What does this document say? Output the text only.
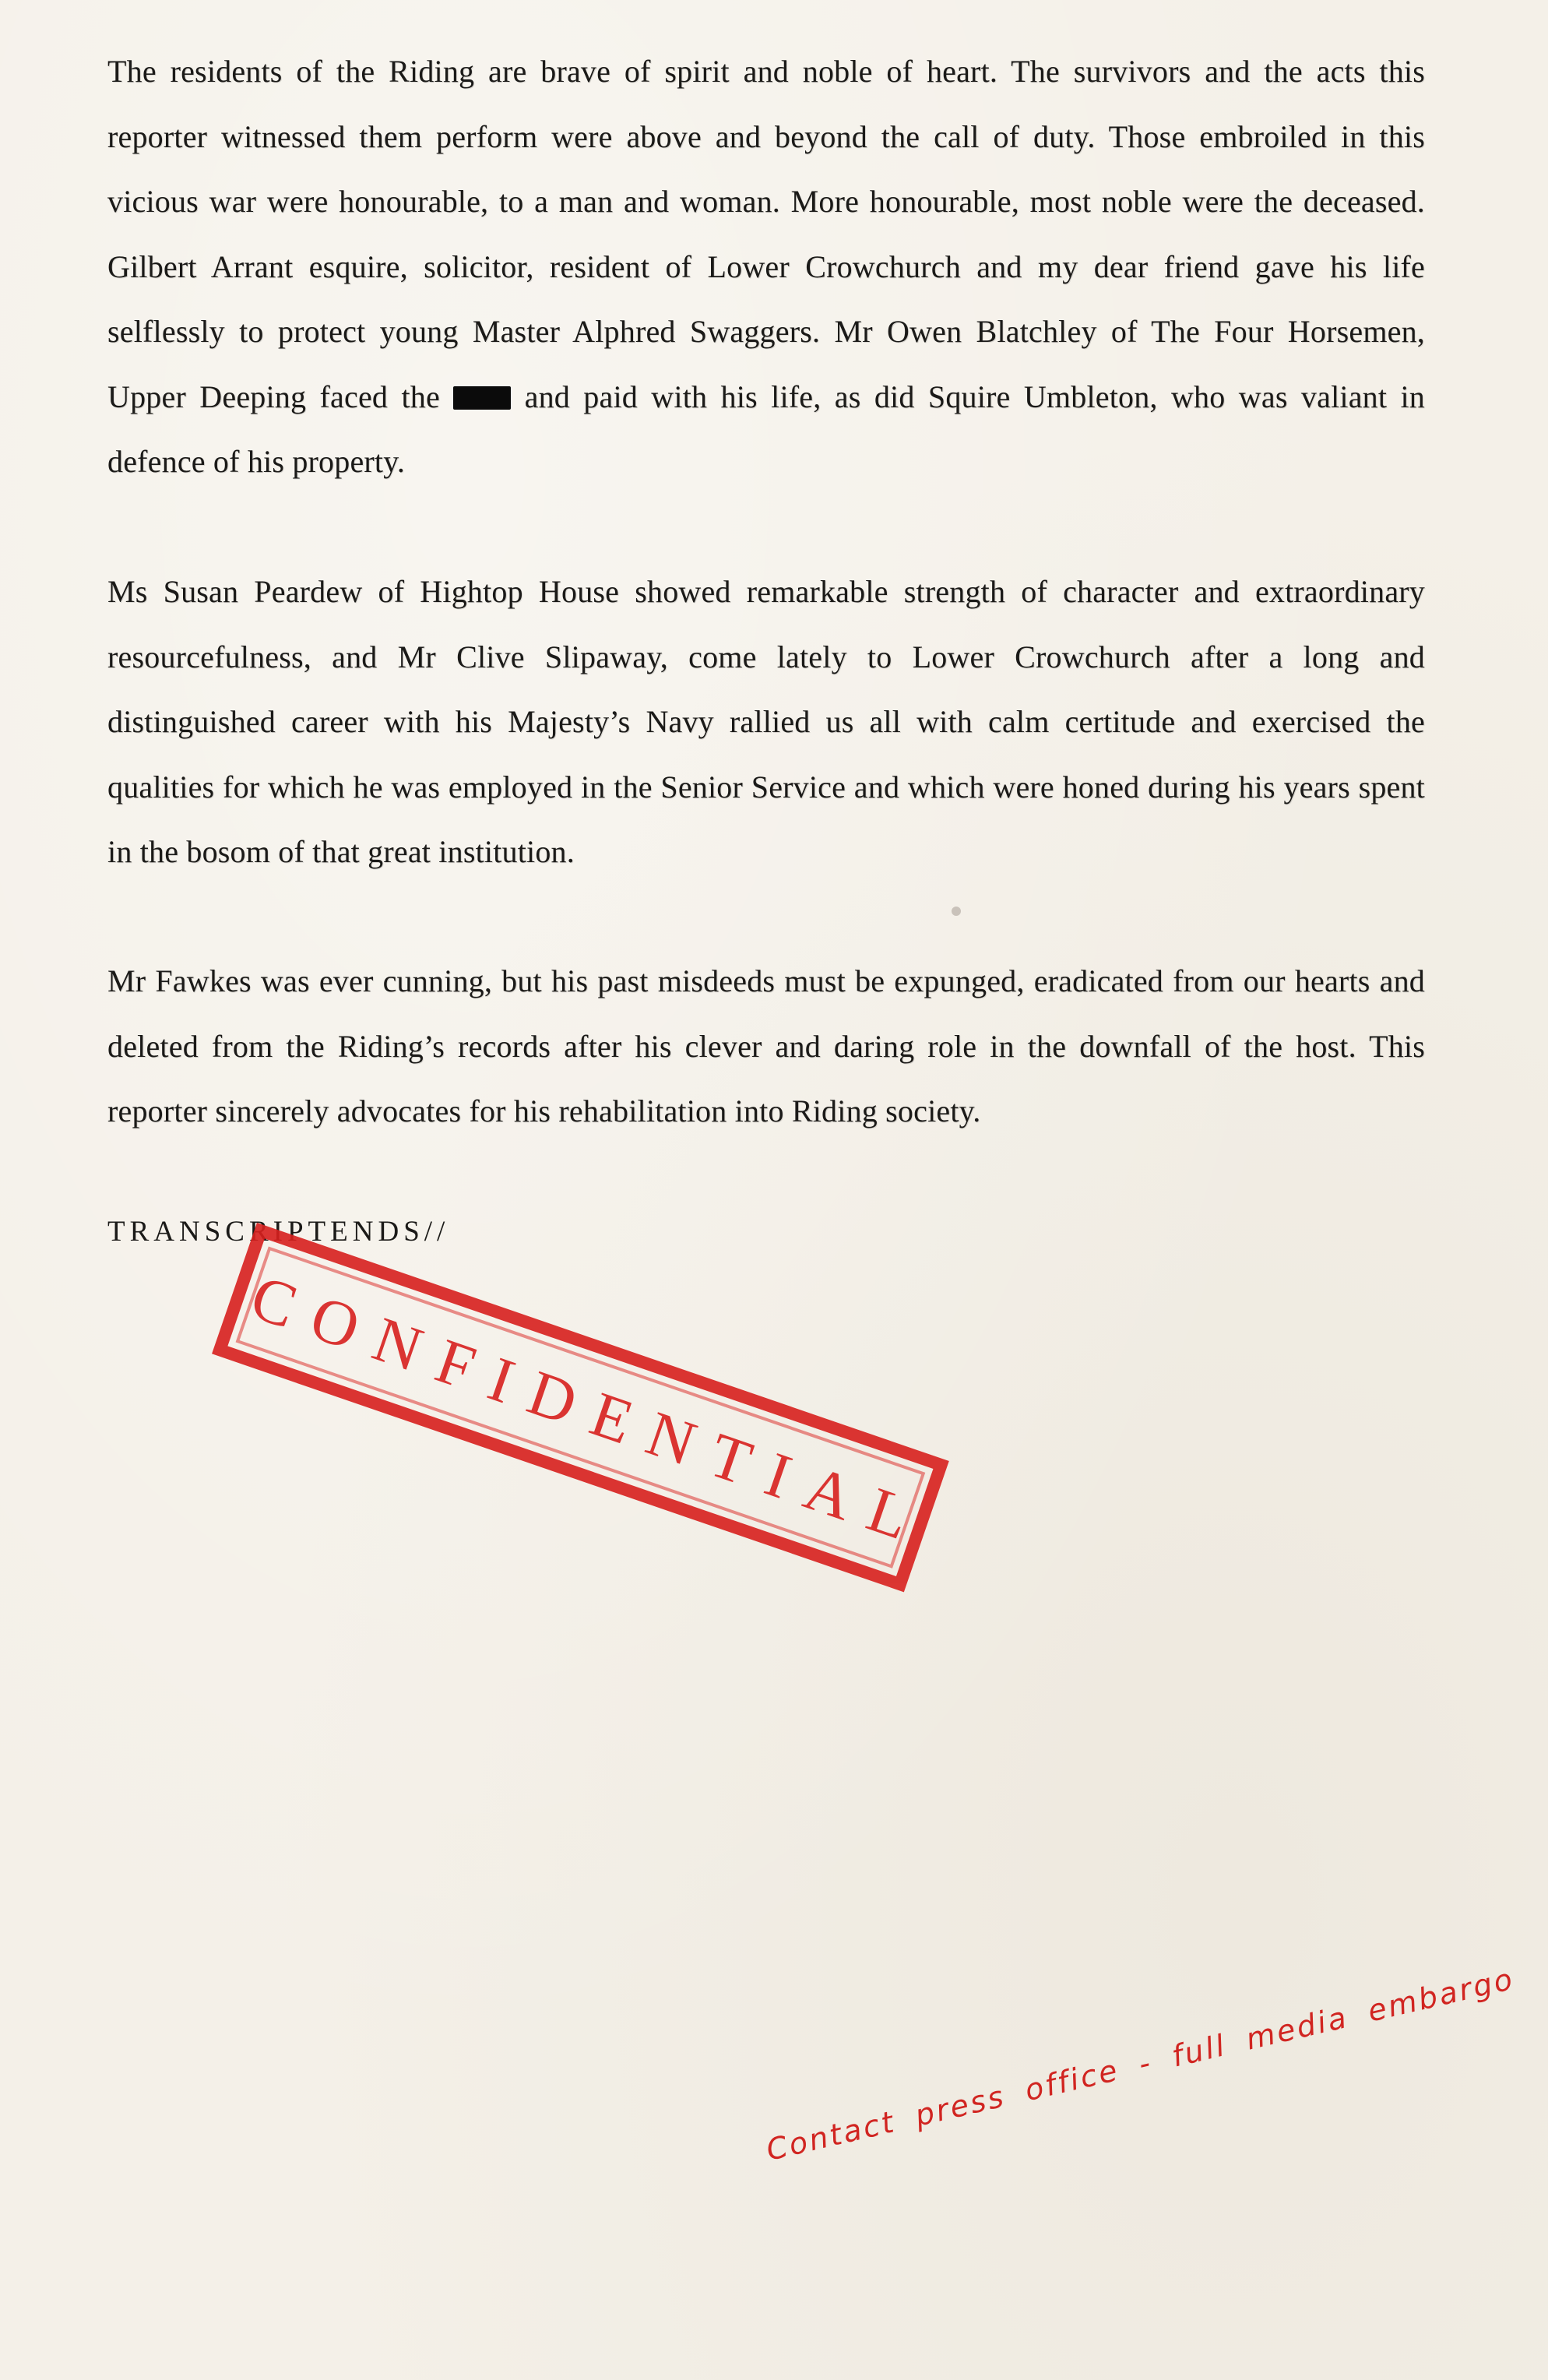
The residents of the Riding are brave of spirit and noble of heart. The survivors and the acts this reporter witnessed them perform were above and beyond the call of duty. Those embroiled in this vicious war were honourable, to a man and woman. More honourable, most noble were the deceased. Gilbert Arrant esquire, solicitor, resident of Lower Crowchurch and my dear friend gave his life selflessly to protect young Master Alphred Swaggers. Mr Owen Blatchley of The Four Horsemen, Upper Deeping faced the	and paid with his life, as did Squire Umbleton, who was valiant in defence of his property.

Ms Susan Peardew of Hightop House showed remarkable strength of character and extraordinary resourcefulness, and Mr Clive Slipaway, come lately to Lower Crowchurch after a long and distinguished career with his Majesty’s Navy rallied us all with calm certitude and exercised the qualities for which he was employed in the Senior Service and which were honed during his years spent in the bosom of that great institution.

Mr Fawkes was ever cunning, but his past misdeeds must be expunged, eradicated from our hearts and deleted from the Riding’s records after his clever and daring role in the downfall of the host. This reporter sincerely advocates for his rehabilitation into Riding society.

TRANSCRIPTENDS//

CONFIDENTIAL
Contact press office - full media embargo
